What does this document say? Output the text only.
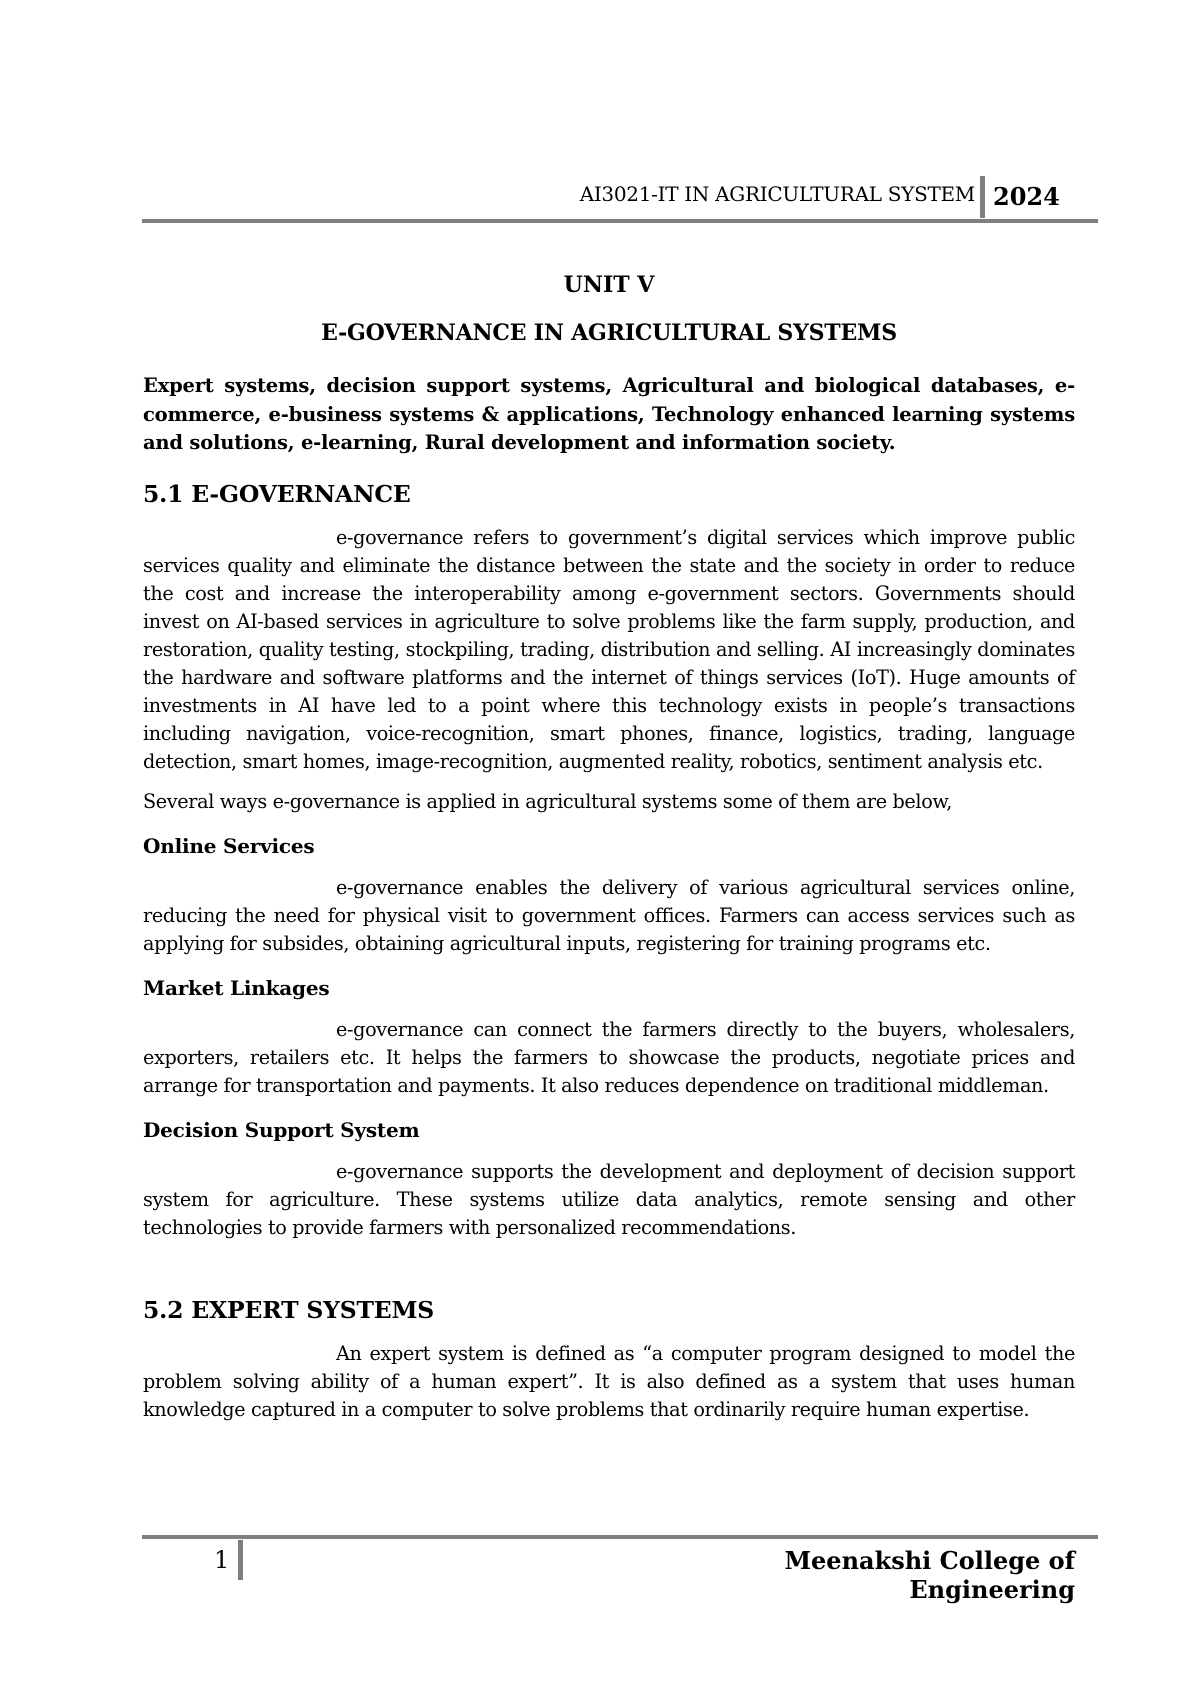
AI3021-IT IN AGRICULTURAL SYSTEM 2024
UNIT V
E-GOVERNANCE IN AGRICULTURAL SYSTEMS
Expert systems, decision support systems, Agricultural and biological databases, e-commerce, e-business systems & applications, Technology enhanced learning systems and solutions, e-learning, Rural development and information society.
5.1 E-GOVERNANCE

e-governance refers to government’s digital services which improve public services quality and eliminate the distance between the state and the society in order to reduce the cost and increase the interoperability among e-government sectors. Governments should invest on AI-based services in agriculture to solve problems like the farm supply, production, and restoration, quality testing, stockpiling, trading, distribution and selling. AI increasingly dominates the hardware and software platforms and the internet of things services (IoT). Huge amounts of investments in AI have led to a point where this technology exists in people’s transactions including navigation, voice-recognition, smart phones, finance, logistics, trading, language detection, smart homes, image-recognition, augmented reality, robotics, sentiment analysis etc.

Several ways e-governance is applied in agricultural systems some of them are below,

Online Services

e-governance enables the delivery of various agricultural services online, reducing the need for physical visit to government offices. Farmers can access services such as applying for subsides, obtaining agricultural inputs, registering for training programs etc.

Market Linkages

e-governance can connect the farmers directly to the buyers, wholesalers, exporters, retailers etc. It helps the farmers to showcase the products, negotiate prices and arrange for transportation and payments. It also reduces dependence on traditional middleman.

Decision Support System

e-governance supports the development and deployment of decision support system for agriculture. These systems utilize data analytics, remote sensing and other technologies to provide farmers with personalized recommendations.

5.2 EXPERT SYSTEMS

An expert system is defined as “a computer program designed to model the problem solving ability of a human expert”. It is also defined as a system that uses human knowledge captured in a computer to solve problems that ordinarily require human expertise.

1	Meenakshi College of Engineering
